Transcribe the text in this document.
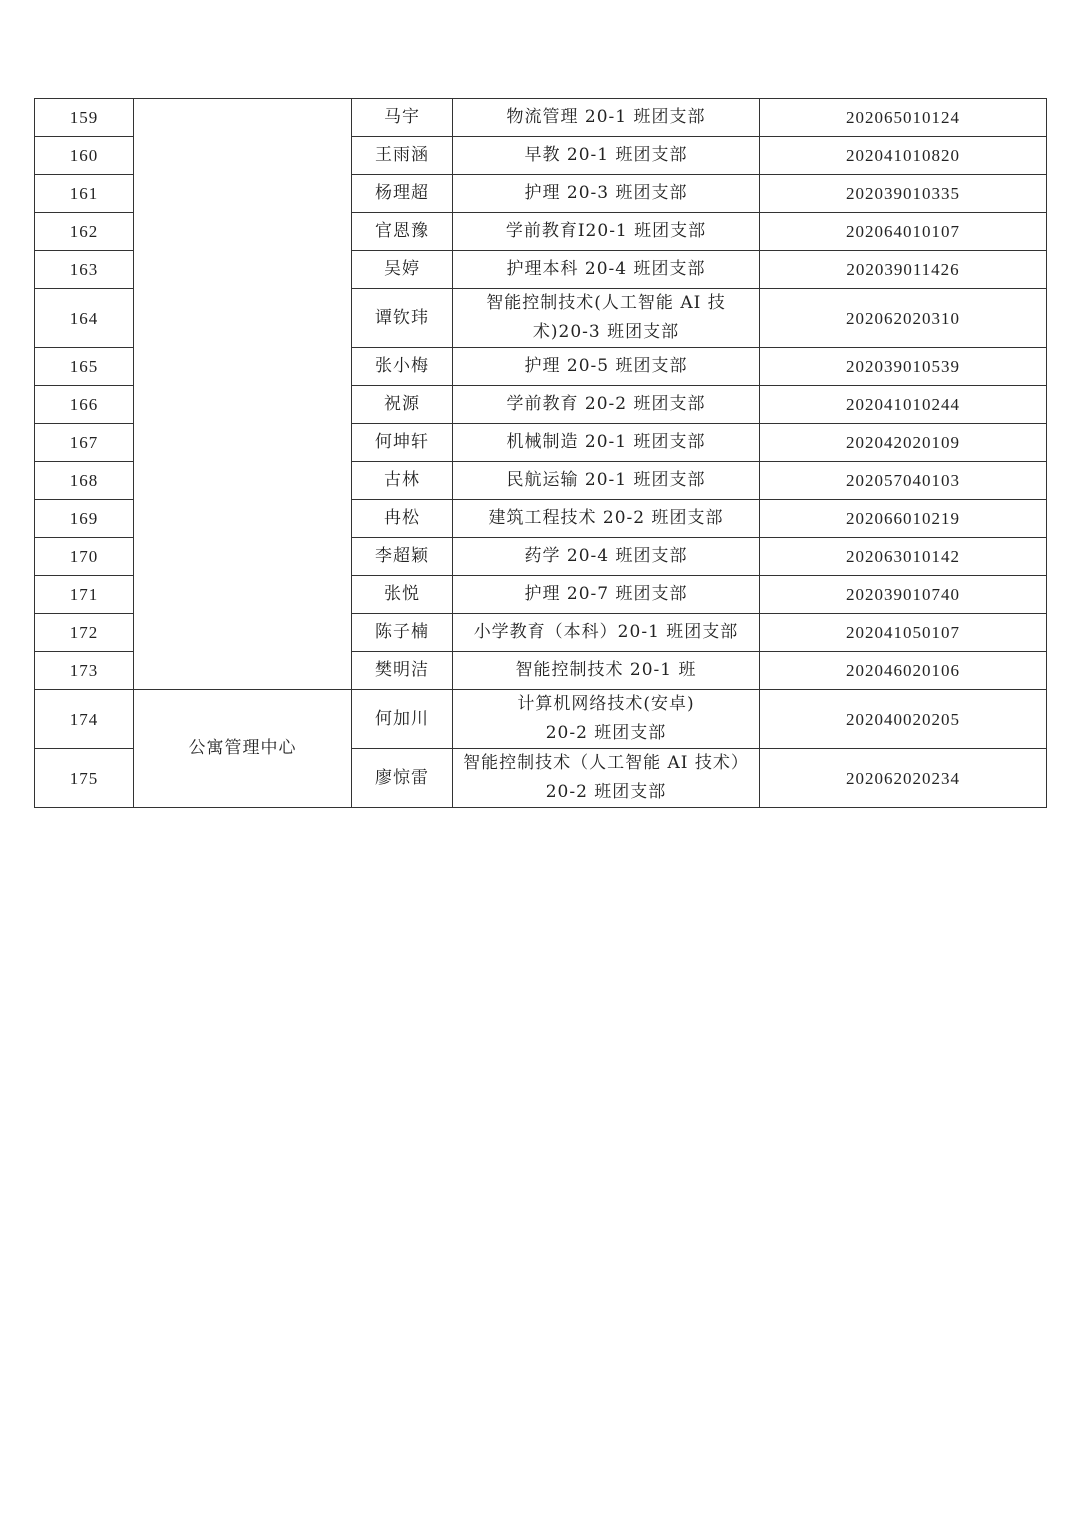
159		马宇	物流管理 20-1 班团支部	202065010124
160		王雨涵	早教 20-1 班团支部	202041010820
161		杨理超	护理 20-3 班团支部	202039010335
162		官恩豫	学前教育Ⅰ20-1 班团支部	202064010107
163		吴婷	护理本科 20-4 班团支部	202039011426
164		谭钦玮	智能控制技术(人工智能 AI 技
术)20-3 班团支部	202062020310
165		张小梅	护理 20-5 班团支部	202039010539
166		祝源	学前教育 20-2 班团支部	202041010244
167		何坤轩	机械制造 20-1 班团支部	202042020109
168		古林	民航运输 20-1 班团支部	202057040103
169		冉松	建筑工程技术 20-2 班团支部	202066010219
170		李超颖	药学 20-4 班团支部	202063010142
171		张悦	护理 20-7 班团支部	202039010740
172		陈子楠	小学教育（本科）20-1 班团支部	202041050107
173		樊明洁	智能控制技术 20-1 班	202046020106
174	公寓管理中心	何加川	计算机网络技术(安卓)
20-2 班团支部	202040020205
175		廖惊雷	智能控制技术（人工智能 AI 技术）
20-2 班团支部	202062020234
